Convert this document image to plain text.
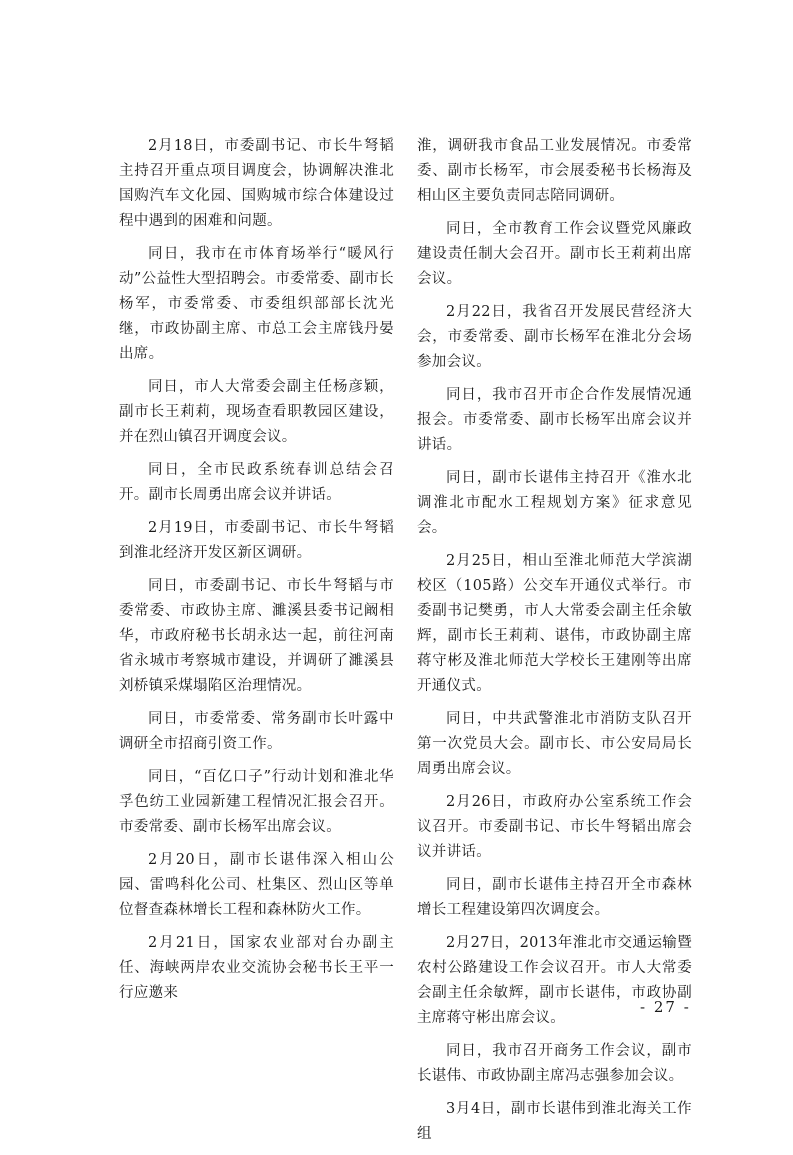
2月18日，市委副书记、市长牛弩韬主持召开重点项目调度会，协调解决淮北国购汽车文化园、国购城市综合体建设过程中遇到的困难和问题。

同日，我市在市体育场举行“暖风行动”公益性大型招聘会。市委常委、副市长杨军，市委常委、市委组织部部长沈光继，市政协副主席、市总工会主席钱丹晏出席。

同日，市人大常委会副主任杨彦颖，副市长王莉莉，现场查看职教园区建设，并在烈山镇召开调度会议。

同日，全市民政系统春训总结会召开。副市长周勇出席会议并讲话。

2月19日，市委副书记、市长牛弩韬到淮北经济开发区新区调研。

同日，市委副书记、市长牛弩韬与市委常委、市政协主席、濉溪县委书记阚相华，市政府秘书长胡永达一起，前往河南省永城市考察城市建设，并调研了濉溪县刘桥镇采煤塌陷区治理情况。

同日，市委常委、常务副市长叶露中调研全市招商引资工作。

同日，“百亿口子”行动计划和淮北华孚色纺工业园新建工程情况汇报会召开。市委常委、副市长杨军出席会议。

2月20日，副市长谌伟深入相山公园、雷鸣科化公司、杜集区、烈山区等单位督查森林增长工程和森林防火工作。

2月21日，国家农业部对台办副主任、海峡两岸农业交流协会秘书长王平一行应邀来

淮，调研我市食品工业发展情况。市委常委、副市长杨军，市会展委秘书长杨海及相山区主要负责同志陪同调研。

同日，全市教育工作会议暨党风廉政建设责任制大会召开。副市长王莉莉出席会议。

2月22日，我省召开发展民营经济大会，市委常委、副市长杨军在淮北分会场参加会议。

同日，我市召开市企合作发展情况通报会。市委常委、副市长杨军出席会议并讲话。

同日，副市长谌伟主持召开《淮水北调淮北市配水工程规划方案》征求意见会。

2月25日，相山至淮北师范大学滨湖校区（105路）公交车开通仪式举行。市委副书记樊勇，市人大常委会副主任余敏辉，副市长王莉莉、谌伟，市政协副主席蒋守彬及淮北师范大学校长王建刚等出席开通仪式。

同日，中共武警淮北市消防支队召开第一次党员大会。副市长、市公安局局长周勇出席会议。

2月26日，市政府办公室系统工作会议召开。市委副书记、市长牛弩韬出席会议并讲话。

同日，副市长谌伟主持召开全市森林增长工程建设第四次调度会。

2月27日，2013年淮北市交通运输暨农村公路建设工作会议召开。市人大常委会副主任余敏辉，副市长谌伟，市政协副主席蒋守彬出席会议。

同日，我市召开商务工作会议，副市长谌伟、市政协副主席冯志强参加会议。

3月4日，副市长谌伟到淮北海关工作组

- 27 -
